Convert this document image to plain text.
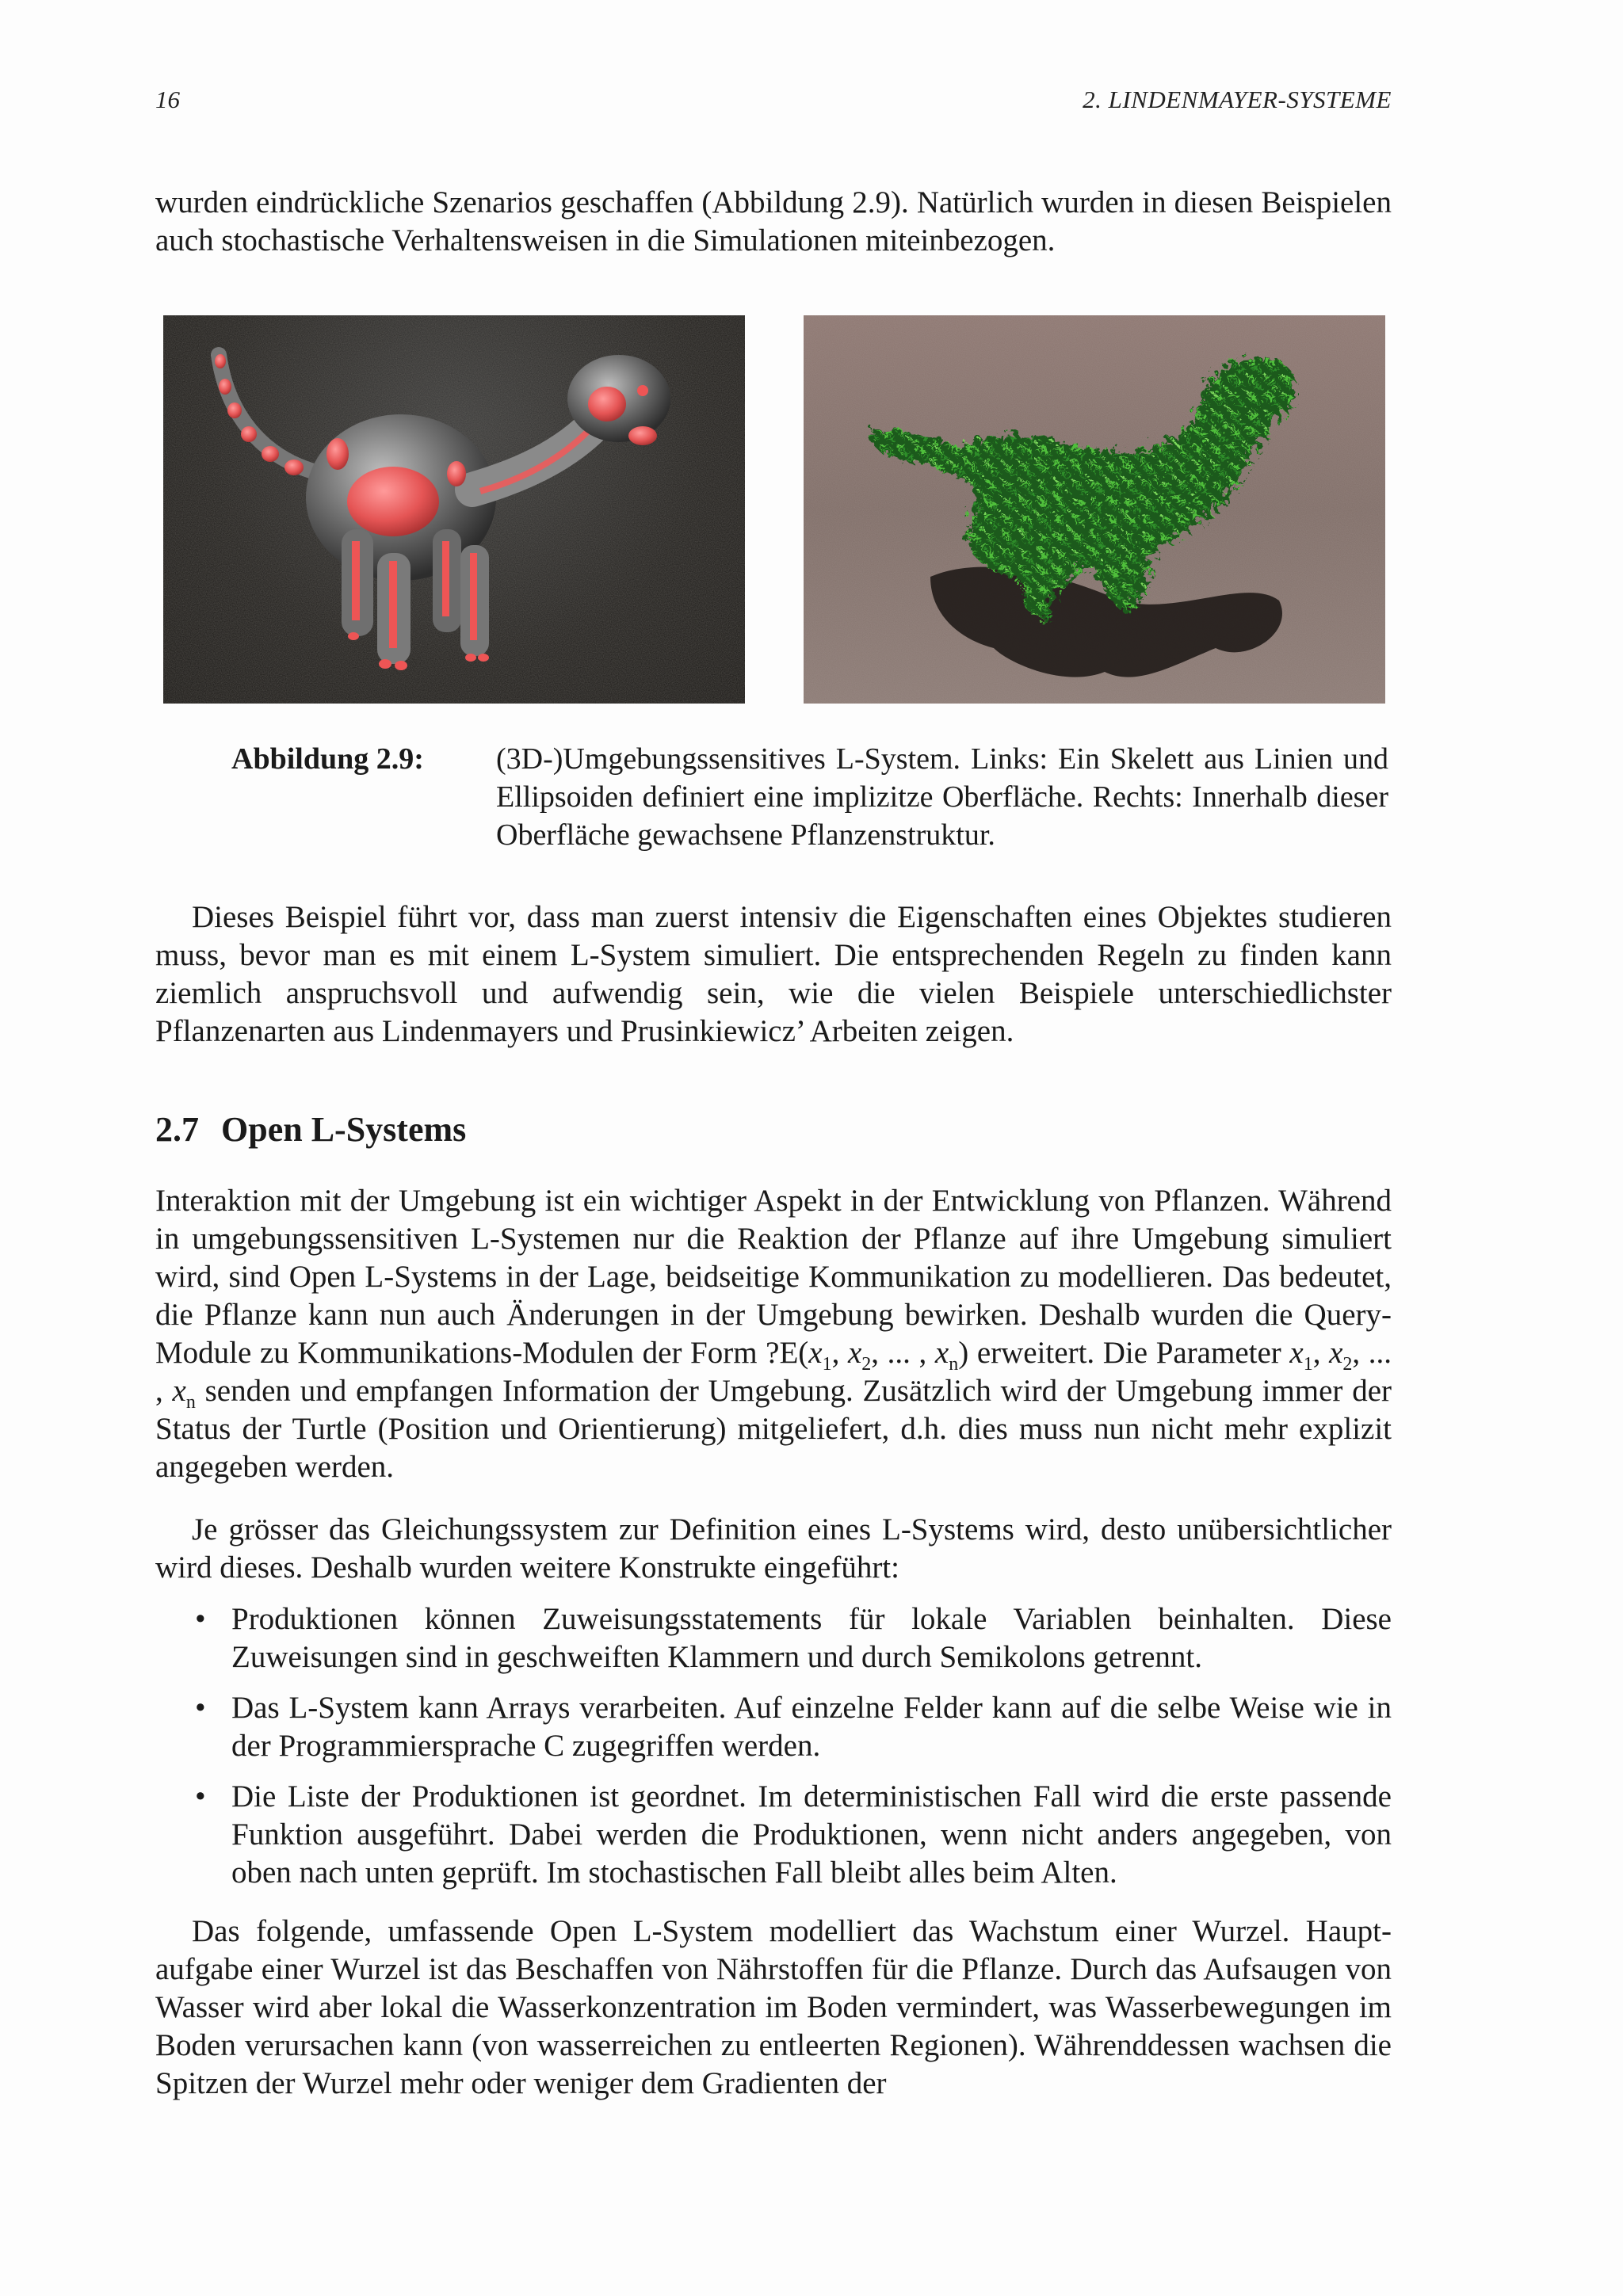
16	2. LINDENMAYER-SYSTEME

wurden eindrückliche Szenarios geschaffen (Abbildung 2.9). Natürlich wurden in diesen Beispielen auch stochastische Verhaltensweisen in die Simulationen miteinbezogen.

Abbildung 2.9: (3D-)Umgebungssensitives L-System. Links: Ein Skelett aus Linien und Ellipsoiden definiert eine implizitze Oberfläche. Rechts: Innerhalb dieser Oberfläche gewachsene Pflanzenstruktur.

Dieses Beispiel führt vor, dass man zuerst intensiv die Eigenschaften eines Objektes studieren muss, bevor man es mit einem L-System simuliert. Die entsprechenden Regeln zu finden kann ziemlich anspruchsvoll und aufwendig sein, wie die vielen Beispiele unterschiedlichster Pflanzenarten aus Lindenmayers und Prusinkiewicz’ Arbeiten zeigen.

2.7 Open L-Systems

Interaktion mit der Umgebung ist ein wichtiger Aspekt in der Entwicklung von Pflanzen. Während in umgebungssensitiven L-Systemen nur die Reaktion der Pflanze auf ihre Umgebung simuliert wird, sind Open L-Systems in der Lage, beidseitige Kommunikation zu modellieren. Das bedeutet, die Pflanze kann nun auch Änderungen in der Umgebung bewirken. Deshalb wurden die Query-Module zu Kommunikations-Modulen der Form $?E(x_1$, $x_2$, ... , $x_n$) erweitert. Die Parameter $x_1$, $x_2$, ... , $x_n$ senden und empfangen Information der Umgebung. Zusätzlich wird der Umgebung immer der Status der Turtle (Position und Orientierung) mitgeliefert, d.h. dies muss nun nicht mehr explizit angegeben werden.

Je grösser das Gleichungssystem zur Definition eines L-Systems wird, desto unübersichtlicher wird dieses. Deshalb wurden weitere Konstrukte eingeführt:

• Produktionen können Zuweisungsstatements für lokale Variablen beinhalten. Diese Zuweisungen sind in geschweiften Klammern und durch Semikolons getrennt.
• Das L-System kann Arrays verarbeiten. Auf einzelne Felder kann auf die selbe Weise wie in der Programmiersprache C zugegriffen werden.
• Die Liste der Produktionen ist geordnet. Im deterministischen Fall wird die erste passende Funktion ausgeführt. Dabei werden die Produktionen, wenn nicht anders angegeben, von oben nach unten geprüft. Im stochastischen Fall bleibt alles beim Alten.

Das folgende, umfassende Open L-System modelliert das Wachstum einer Wurzel. Hauptaufgabe einer Wurzel ist das Beschaffen von Nährstoffen für die Pflanze. Durch das Aufsaugen von Wasser wird aber lokal die Wasserkonzentration im Boden vermindert, was Wasserbewegungen im Boden verursachen kann (von wasserreichen zu entleerten Regionen). Währenddessen wachsen die Spitzen der Wurzel mehr oder weniger dem Gradienten der
